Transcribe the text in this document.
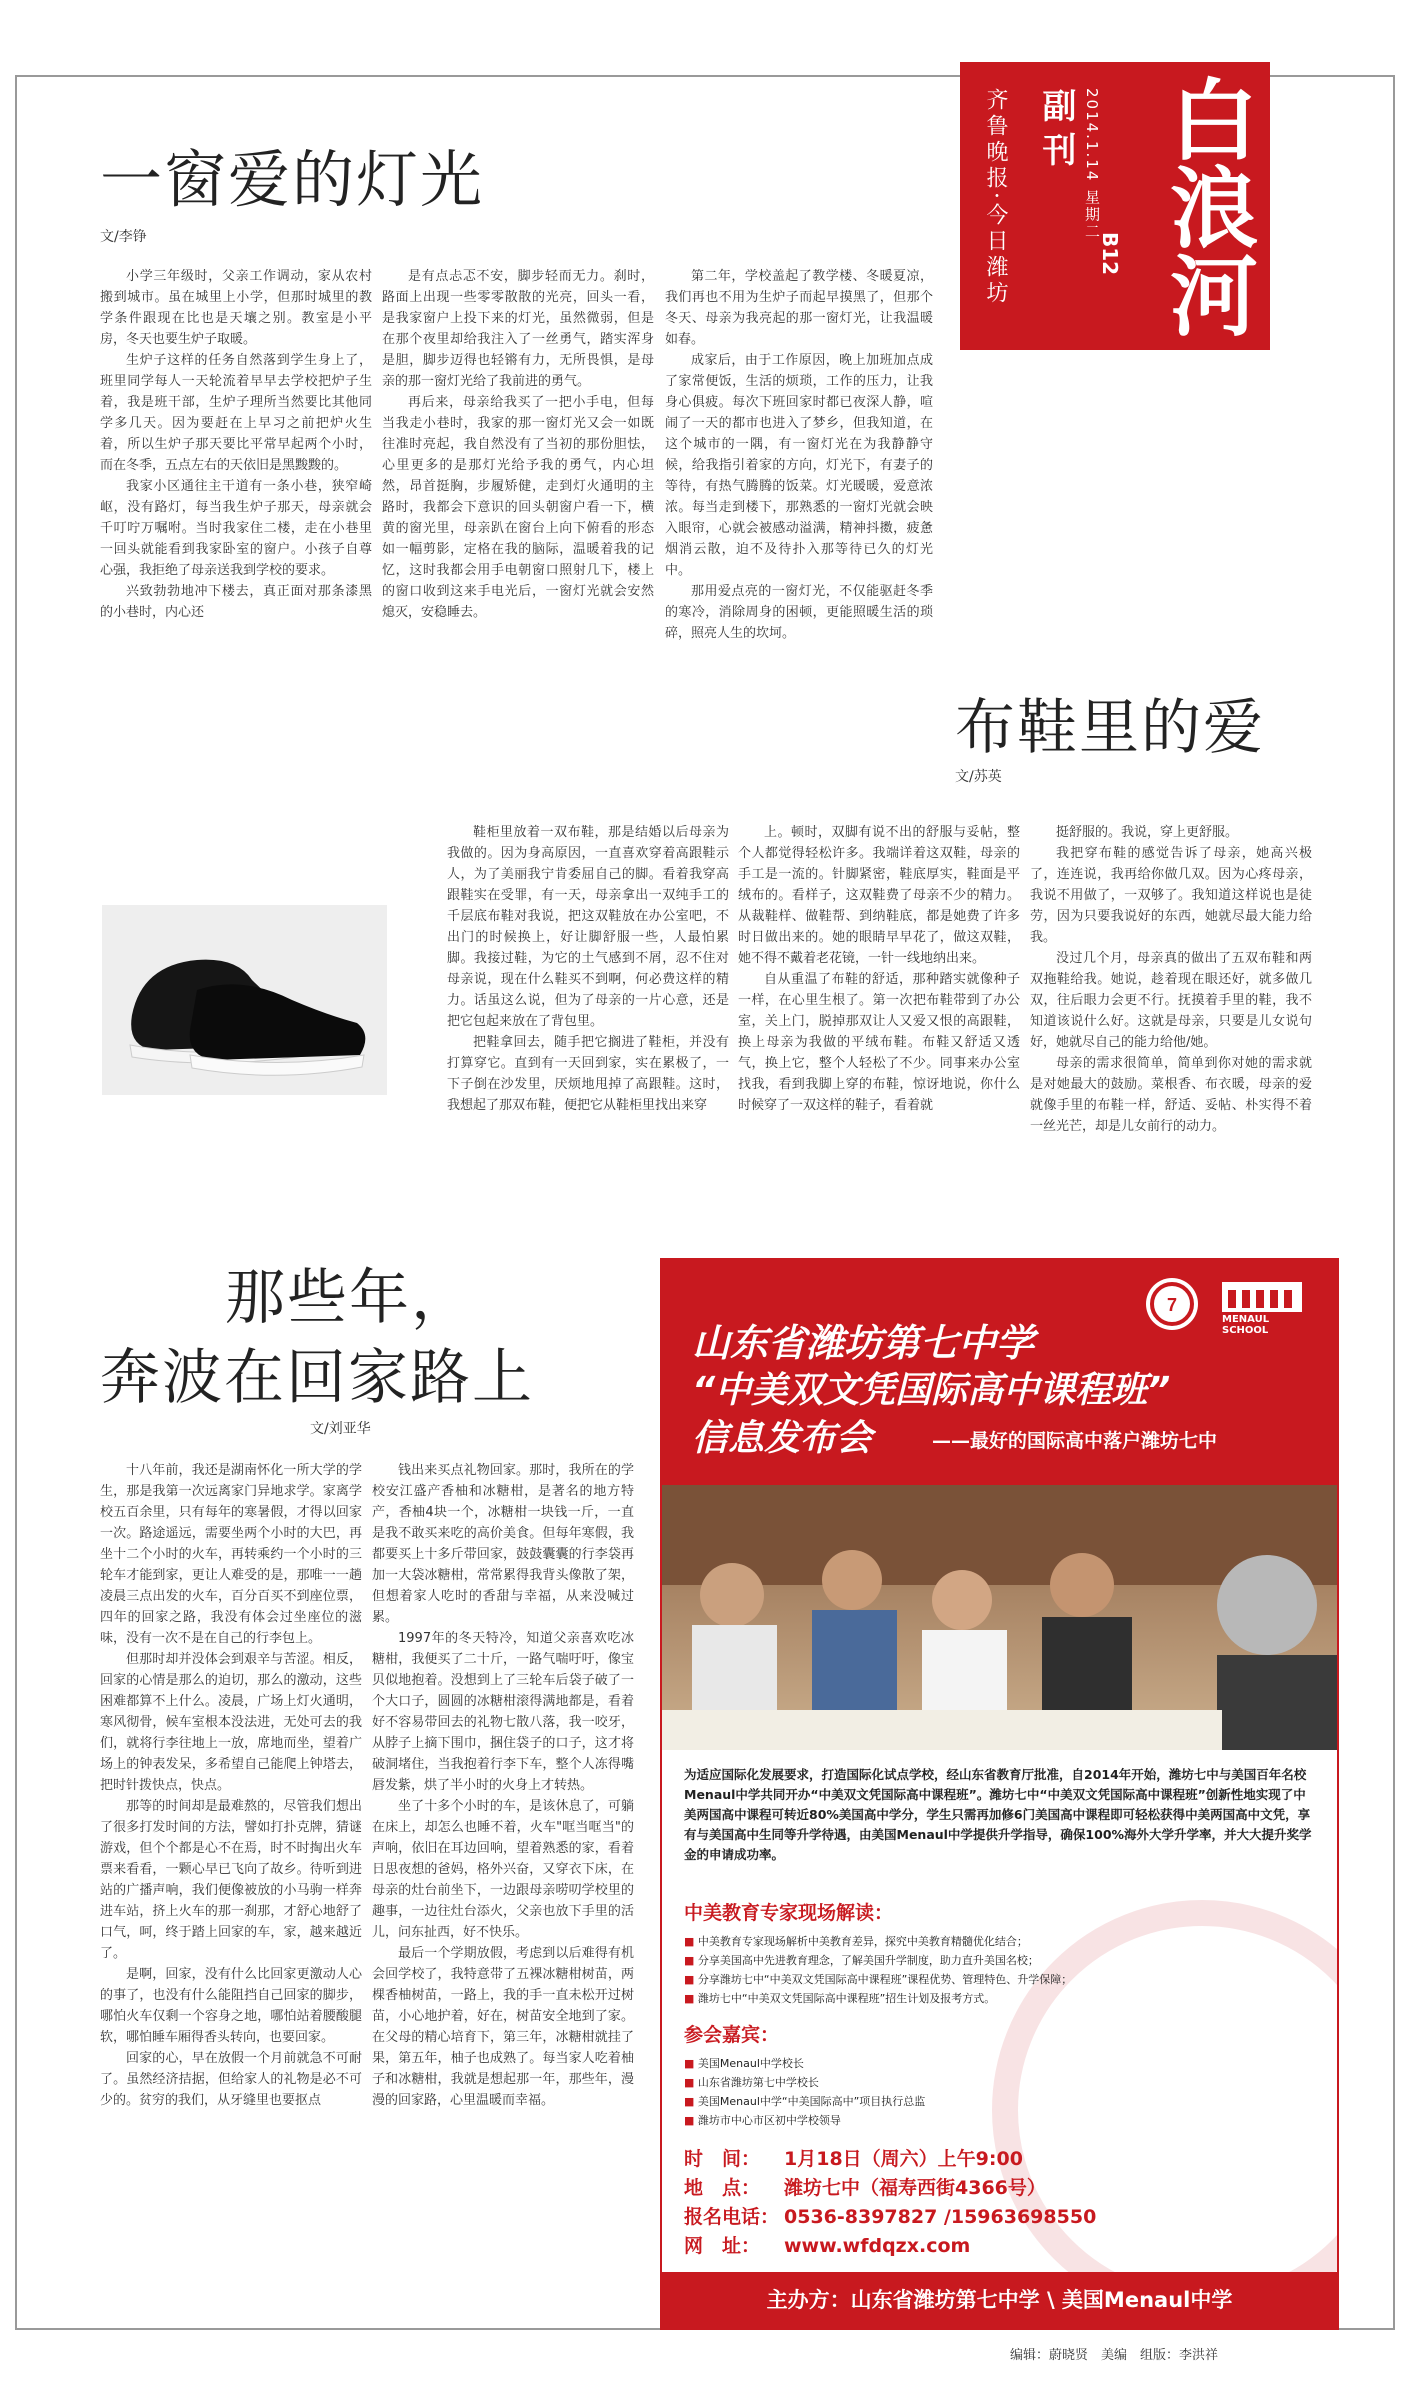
白浪河
副刊
齐鲁晚报·今日潍坊	2014.1.14 星期二
B12
一窗爱的灯光
文/李铮

小学三年级时，父亲工作调动，家从农村搬到城市。虽在城里上小学，但那时城里的教学条件跟现在比也是天壤之别。教室是小平房，冬天也要生炉子取暖。

生炉子这样的任务自然落到学生身上了，班里同学每人一天轮流着早早去学校把炉子生着，我是班干部，生炉子理所当然要比其他同学多几天。因为要赶在上早习之前把炉火生着，所以生炉子那天要比平常早起两个小时，而在冬季，五点左右的天依旧是黑黢黢的。

我家小区通往主干道有一条小巷，狭窄崎岖，没有路灯，每当我生炉子那天，母亲就会千叮咛万嘱咐。当时我家住二楼，走在小巷里一回头就能看到我家卧室的窗户。小孩子自尊心强，我拒绝了母亲送我到学校的要求。

兴致勃勃地冲下楼去，真正面对那条漆黑的小巷时，内心还

是有点忐忑不安，脚步轻而无力。刹时，路面上出现一些零零散散的光亮，回头一看，是我家窗户上投下来的灯光，虽然微弱，但是在那个夜里却给我注入了一丝勇气，踏实浑身是胆，脚步迈得也轻锵有力，无所畏惧，是母亲的那一窗灯光给了我前进的勇气。

再后来，母亲给我买了一把小手电，但每当我走小巷时，我家的那一窗灯光又会一如既往准时亮起，我自然没有了当初的那份胆怯，心里更多的是那灯光给予我的勇气，内心坦然，昂首挺胸，步履矫健，走到灯火通明的主路时，我都会下意识的回头朝窗户看一下，横黄的窗光里，母亲趴在窗台上向下俯看的形态如一幅剪影，定格在我的脑际，温暖着我的记忆，这时我都会用手电朝窗口照射几下，楼上的窗口收到这来手电光后，一窗灯光就会安然熄灭，安稳睡去。

第二年，学校盖起了教学楼、冬暖夏凉，我们再也不用为生炉子而起早摸黑了，但那个冬天、母亲为我亮起的那一窗灯光，让我温暖如春。

成家后，由于工作原因，晚上加班加点成了家常便饭，生活的烦琐，工作的压力，让我身心俱疲。每次下班回家时都已夜深人静，喧闹了一天的都市也进入了梦乡，但我知道，在这个城市的一隅，有一窗灯光在为我静静守候，给我指引着家的方向，灯光下，有妻子的等待，有热气腾腾的饭菜。灯光暖暖，爱意浓浓。每当走到楼下，那熟悉的一窗灯光就会映入眼帘，心就会被感动溢满，精神抖擞，疲惫烟消云散，迫不及待扑入那等待已久的灯光中。

那用爱点亮的一窗灯光，不仅能驱赶冬季的寒冷，消除周身的困顿，更能照暖生活的琐碎，照亮人生的坎坷。

布鞋里的爱
文/苏英

鞋柜里放着一双布鞋，那是结婚以后母亲为我做的。因为身高原因，一直喜欢穿着高跟鞋示人，为了美丽我宁肯委屈自己的脚。看着我穿高跟鞋实在受罪，有一天，母亲拿出一双纯手工的千层底布鞋对我说，把这双鞋放在办公室吧，不出门的时候换上，好让脚舒服一些，人最怕累脚。我接过鞋，为它的土气感到不屑，忍不住对母亲说，现在什么鞋买不到啊，何必费这样的精力。话虽这么说，但为了母亲的一片心意，还是把它包起来放在了背包里。

把鞋拿回去，随手把它搁进了鞋柜，并没有打算穿它。直到有一天回到家，实在累极了，一下子倒在沙发里，厌烦地甩掉了高跟鞋。这时，我想起了那双布鞋，便把它从鞋柜里找出来穿

上。顿时，双脚有说不出的舒服与妥帖，整个人都觉得轻松许多。我端详着这双鞋，母亲的手工是一流的。针脚紧密，鞋底厚实，鞋面是平绒布的。看样子，这双鞋费了母亲不少的精力。从裁鞋样、做鞋帮、到纳鞋底，都是她费了许多时日做出来的。她的眼睛早早花了，做这双鞋，她不得不戴着老花镜，一针一线地纳出来。

自从重温了布鞋的舒适，那种踏实就像种子一样，在心里生根了。第一次把布鞋带到了办公室，关上门，脱掉那双让人又爱又恨的高跟鞋，换上母亲为我做的平绒布鞋。布鞋又舒适又透气，换上它，整个人轻松了不少。同事来办公室找我，看到我脚上穿的布鞋，惊讶地说，你什么时候穿了一双这样的鞋子，看着就

挺舒服的。我说，穿上更舒服。

我把穿布鞋的感觉告诉了母亲，她高兴极了，连连说，我再给你做几双。因为心疼母亲，我说不用做了，一双够了。我知道这样说也是徒劳，因为只要我说好的东西，她就尽最大能力给我。

没过几个月，母亲真的做出了五双布鞋和两双拖鞋给我。她说，趁着现在眼还好，就多做几双，往后眼力会更不行。抚摸着手里的鞋，我不知道该说什么好。这就是母亲，只要是儿女说句好，她就尽自己的能力给他/她。

母亲的需求很简单，简单到你对她的需求就是对她最大的鼓励。菜根香、布衣暖，母亲的爱就像手里的布鞋一样，舒适、妥帖、朴实得不着一丝光芒，却是儿女前行的动力。

那些年，
奔波在回家路上
文/刘亚华

十八年前，我还是湖南怀化一所大学的学生，那是我第一次远离家门异地求学。家离学校五百余里，只有每年的寒暑假，才得以回家一次。路途遥远，需要坐两个小时的大巴，再坐十二个小时的火车，再转乘约一个小时的三轮车才能到家，更让人难受的是，那唯一一趟凌晨三点出发的火车，百分百买不到座位票，四年的回家之路，我没有体会过坐座位的滋味，没有一次不是在自己的行李包上。

但那时却并没体会到艰辛与苦涩。相反，回家的心情是那么的迫切，那么的激动，这些困难都算不上什么。凌晨，广场上灯火通明，寒风彻骨，候车室根本没法进，无处可去的我们，就将行李往地上一放，席地而坐，望着广场上的钟表发呆，多希望自己能爬上钟塔去，把时针拨快点，快点。

那等的时间却是最难熬的，尽管我们想出了很多打发时间的方法，譬如打扑克牌，猜谜游戏，但个个都是心不在焉，时不时掏出火车票来看看，一颗心早已飞向了故乡。待听到进站的广播声响，我们便像被放的小马驹一样奔进车站，挤上火车的那一刹那，才舒心地舒了口气，呵，终于踏上回家的车，家，越来越近了。

是啊，回家，没有什么比回家更激动人心的事了，也没有什么能阻挡自己回家的脚步，哪怕火车仅剩一个容身之地，哪怕站着腰酸腿软，哪怕睡车厢得香头转向，也要回家。

回家的心，早在放假一个月前就急不可耐了。虽然经济拮据，但给家人的礼物是必不可少的。贫穷的我们，从牙缝里也要抠点

钱出来买点礼物回家。那时，我所在的学校安江盛产香柚和冰糖柑，是著名的地方特产，香柚4块一个，冰糖柑一块钱一斤，一直是我不敢买来吃的高价美食。但每年寒假，我都要买上十多斤带回家，鼓鼓囊囊的行李袋再加一大袋冰糖柑，常常累得我背头像散了架，但想着家人吃时的香甜与幸福，从来没喊过累。

1997年的冬天特冷，知道父亲喜欢吃冰糖柑，我便买了二十斤，一路气喘吁吁，像宝贝似地抱着。没想到上了三轮车后袋子破了一个大口子，圆圆的冰糖柑滚得满地都是，看着好不容易带回去的礼物七散八落，我一咬牙，从脖子上摘下围巾，捆住袋子的口子，这才将破洞堵住，当我抱着行李下车，整个人冻得嘴唇发紫，烘了半小时的火身上才转热。

坐了十多个小时的车，是该休息了，可躺在床上，却怎么也睡不着，火车"哐当哐当"的声响，依旧在耳边回响，望着熟悉的家，看着日思夜想的爸妈，格外兴奋，又穿衣下床，在母亲的灶台前坐下，一边跟母亲唠叨学校里的趣事，一边往灶台添火，父亲也放下手里的活儿，问东扯西，好不快乐。

最后一个学期放假，考虑到以后难得有机会回学校了，我特意带了五裸冰糖柑树苗，两棵香柚树苗，一路上，我的手一直未松开过树苗，小心地护着，好在，树苗安全地到了家。在父母的精心培育下，第三年，冰糖柑就挂了果，第五年，柚子也成熟了。每当家人吃着柚子和冰糖柑，我就是想起那一年，那些年，漫漫的回家路，心里温暖而幸福。

山东省潍坊第七中学
“中美双文凭国际高中课程班”
信息发布会	——最好的国际高中落户潍坊七中
7
MENAUL SCHOOL
为适应国际化发展要求，打造国际化试点学校，经山东省教育厅批准，自2014年开始，潍坊七中与美国百年名校Menaul中学共同开办“中美双文凭国际高中课程班”。潍坊七中“中美双文凭国际高中课程班”创新性地实现了中美两国高中课程可转近80%美国高中学分，学生只需再加修6门美国高中课程即可轻松获得中美两国高中文凭，享有与美国高中生同等升学待遇，由美国Menaul中学提供升学指导，确保100%海外大学升学率，并大大提升奖学金的申请成功率。
中美教育专家现场解读：
■ 中美教育专家现场解析中美教育差异，探究中美教育精髓优化结合；
■ 分享美国高中先进教育理念，了解美国升学制度，助力直升美国名校；
■ 分享潍坊七中“中美双文凭国际高中课程班”课程优势、管理特色、升学保障；
■ 潍坊七中“中美双文凭国际高中课程班”招生计划及报考方式。
参会嘉宾：
■ 美国Menaul中学校长
■ 山东省潍坊第七中学校长
■ 美国Menaul中学“中美国际高中”项目执行总监
■ 潍坊市中心市区初中学校领导
时　间： 1月18日（周六）上午9:00
地　点： 潍坊七中（福寿西街4366号）
报名电话： 0536-8397827 /15963698550
网　址： www.wfdqzx.com
主办方：山东省潍坊第七中学 \ 美国Menaul中学
编辑：蔚晓贤　美编　组版：李洪祥
